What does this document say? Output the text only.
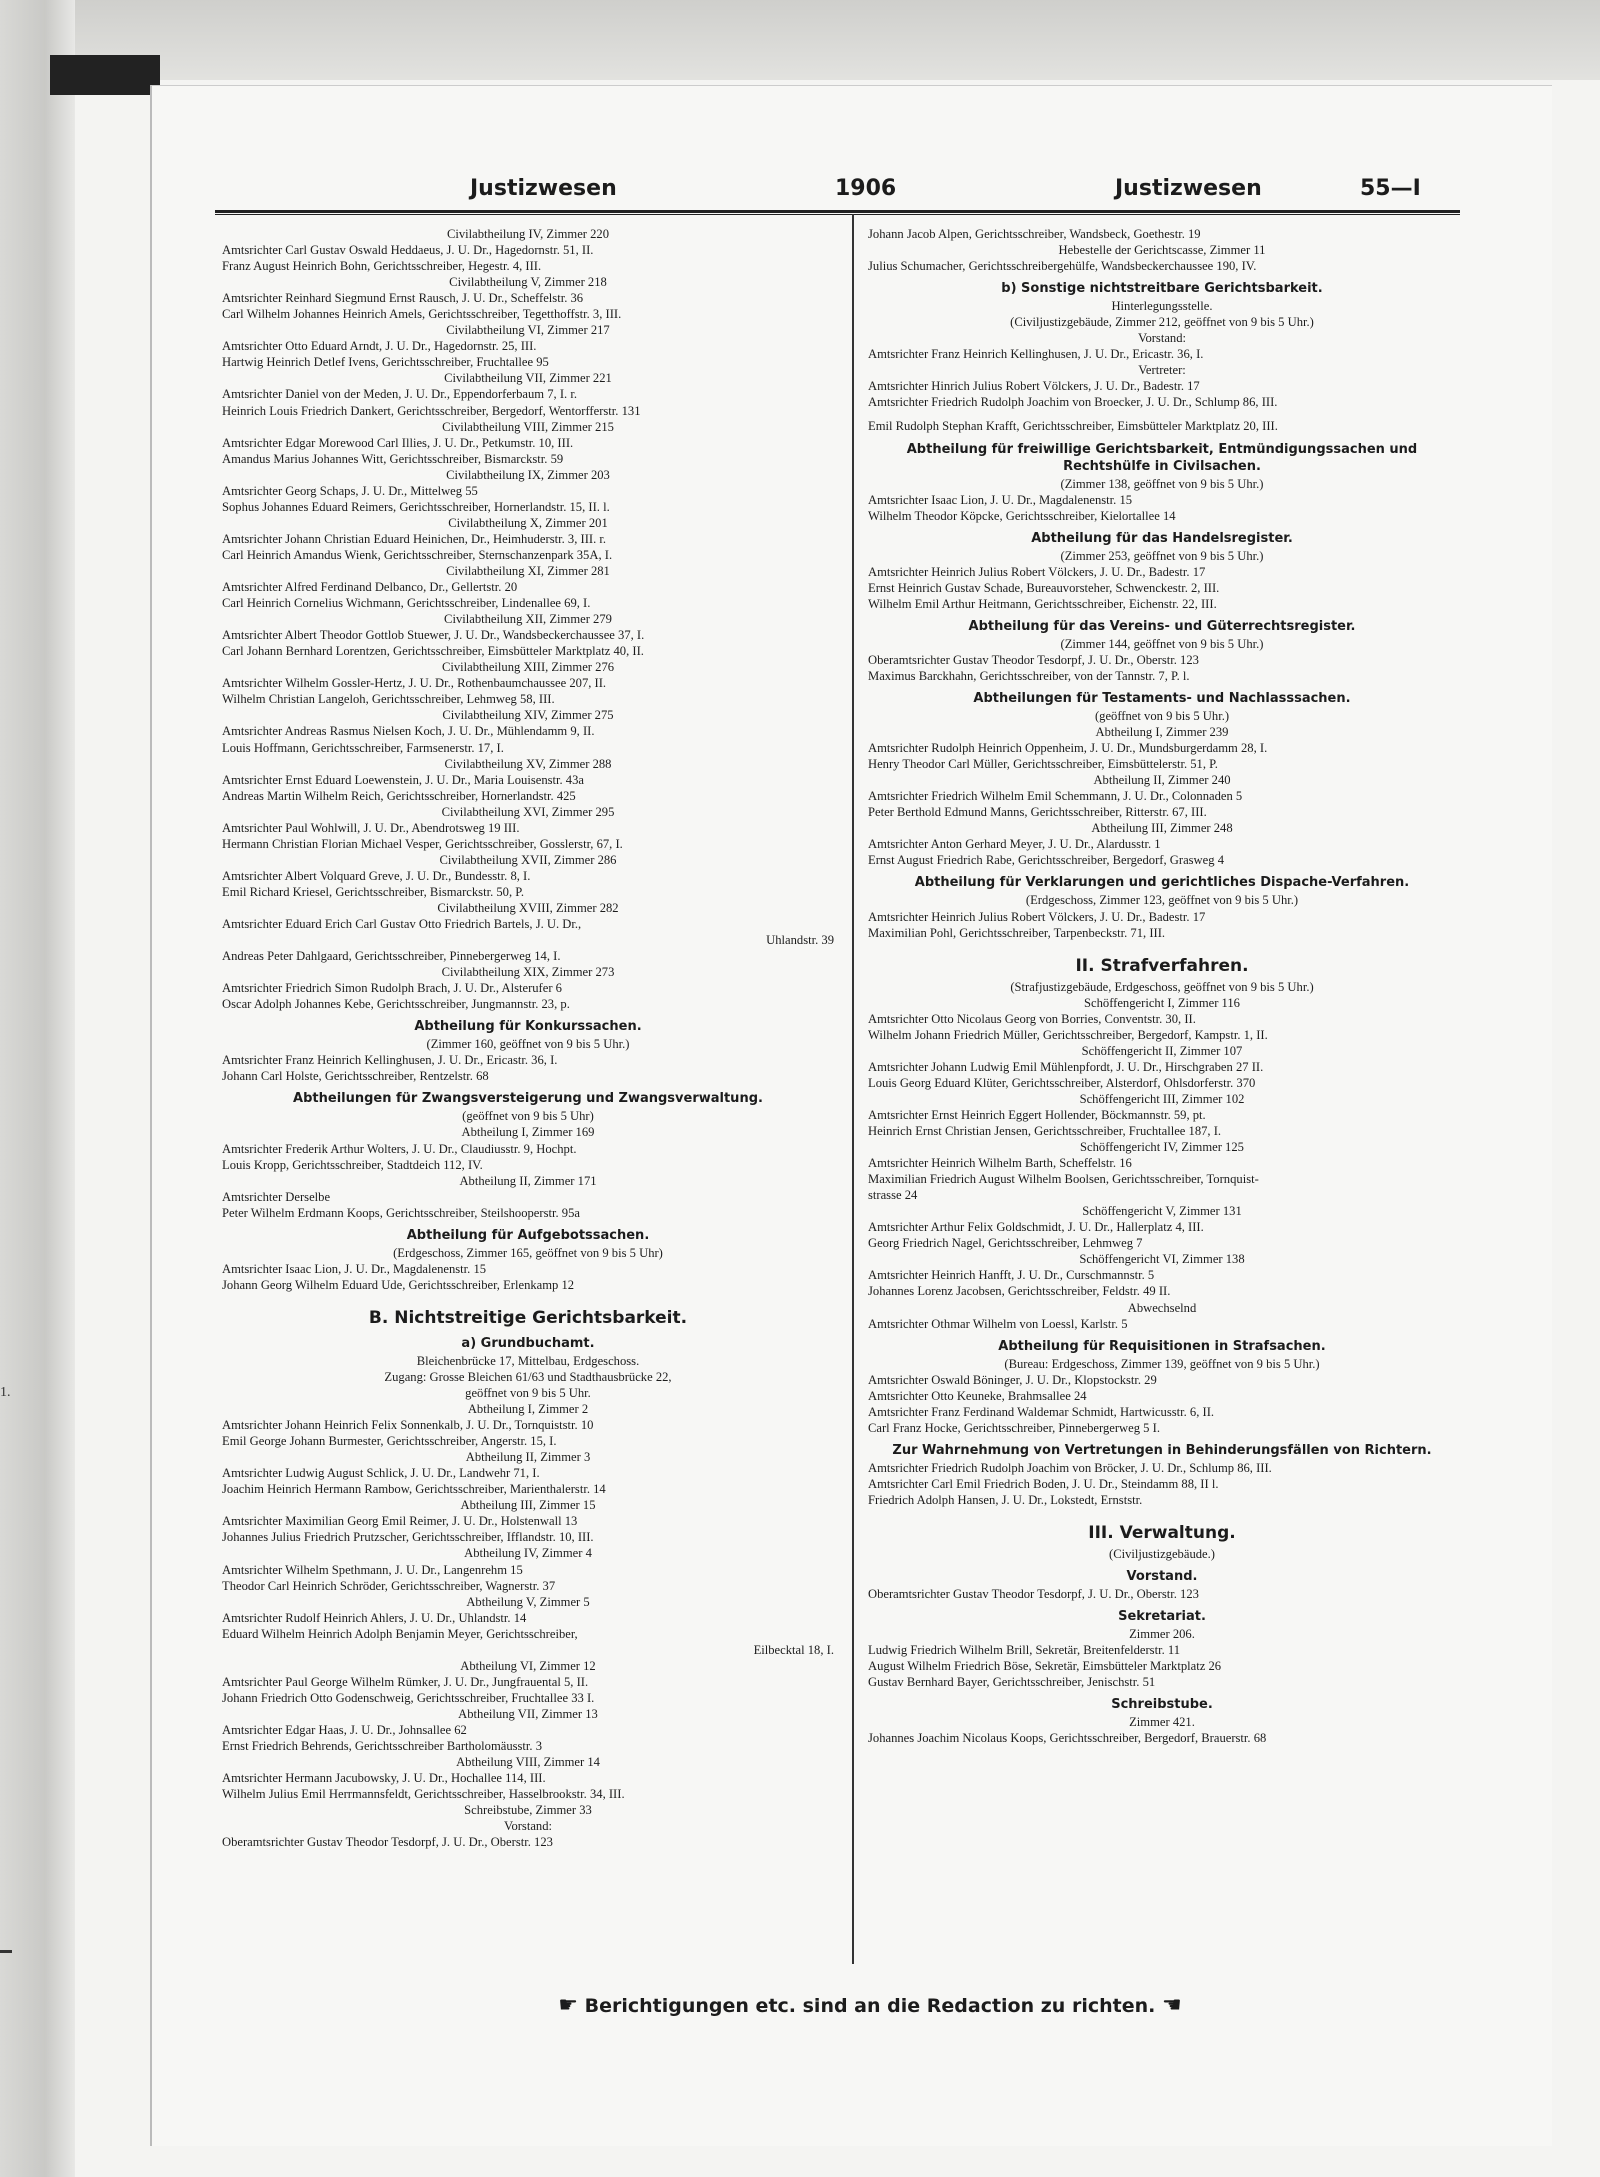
1.
Justizwesen	1906	Justizwesen	55—I
Civilabtheilung IV, Zimmer 220
Amtsrichter Carl Gustav Oswald Heddaeus, J. U. Dr., Hagedornstr. 51, II.
Franz August Heinrich Bohn, Gerichtsschreiber, Hegestr. 4, III.
Civilabtheilung V, Zimmer 218
Amtsrichter Reinhard Siegmund Ernst Rausch, J. U. Dr., Scheffelstr. 36
Carl Wilhelm Johannes Heinrich Amels, Gerichtsschreiber, Tegetthoffstr. 3, III.
Civilabtheilung VI, Zimmer 217
Amtsrichter Otto Eduard Arndt, J. U. Dr., Hagedornstr. 25, III.
Hartwig Heinrich Detlef Ivens, Gerichtsschreiber, Fruchtallee 95
Civilabtheilung VII, Zimmer 221
Amtsrichter Daniel von der Meden, J. U. Dr., Eppendorferbaum 7, I. r.
Heinrich Louis Friedrich Dankert, Gerichtsschreiber, Bergedorf, Wentorfferstr. 131
Civilabtheilung VIII, Zimmer 215
Amtsrichter Edgar Morewood Carl Illies, J. U. Dr., Petkumstr. 10, III.
Amandus Marius Johannes Witt, Gerichtsschreiber, Bismarckstr. 59
Civilabtheilung IX, Zimmer 203
Amtsrichter Georg Schaps, J. U. Dr., Mittelweg 55
Sophus Johannes Eduard Reimers, Gerichtsschreiber, Hornerlandstr. 15, II. l.
Civilabtheilung X, Zimmer 201
Amtsrichter Johann Christian Eduard Heinichen, Dr., Heimhuderstr. 3, III. r.
Carl Heinrich Amandus Wienk, Gerichtsschreiber, Sternschanzenpark 35A, I.
Civilabtheilung XI, Zimmer 281
Amtsrichter Alfred Ferdinand Delbanco, Dr., Gellertstr. 20
Carl Heinrich Cornelius Wichmann, Gerichtsschreiber, Lindenallee 69, I.
Civilabtheilung XII, Zimmer 279
Amtsrichter Albert Theodor Gottlob Stuewer, J. U. Dr., Wandsbeckerchaussee 37, I.
Carl Johann Bernhard Lorentzen, Gerichtsschreiber, Eimsbütteler Marktplatz 40, II.
Civilabtheilung XIII, Zimmer 276
Amtsrichter Wilhelm Gossler-Hertz, J. U. Dr., Rothenbaumchaussee 207, II.
Wilhelm Christian Langeloh, Gerichtsschreiber, Lehmweg 58, III.
Civilabtheilung XIV, Zimmer 275
Amtsrichter Andreas Rasmus Nielsen Koch, J. U. Dr., Mühlendamm 9, II.
Louis Hoffmann, Gerichtsschreiber, Farmsenerstr. 17, I.
Civilabtheilung XV, Zimmer 288
Amtsrichter Ernst Eduard Loewenstein, J. U. Dr., Maria Louisenstr. 43a
Andreas Martin Wilhelm Reich, Gerichtsschreiber, Hornerlandstr. 425
Civilabtheilung XVI, Zimmer 295
Amtsrichter Paul Wohlwill, J. U. Dr., Abendrotsweg 19 III.
Hermann Christian Florian Michael Vesper, Gerichtsschreiber, Gosslerstr, 67, I.
Civilabtheilung XVII, Zimmer 286
Amtsrichter Albert Volquard Greve, J. U. Dr., Bundesstr. 8, I.
Emil Richard Kriesel, Gerichtsschreiber, Bismarckstr. 50, P.
Civilabtheilung XVIII, Zimmer 282
Amtsrichter Eduard Erich Carl Gustav Otto Friedrich Bartels, J. U. Dr.,
Uhlandstr. 39
Andreas Peter Dahlgaard, Gerichtsschreiber, Pinnebergerweg 14, I.
Civilabtheilung XIX, Zimmer 273
Amtsrichter Friedrich Simon Rudolph Brach, J. U. Dr., Alsterufer 6
Oscar Adolph Johannes Kebe, Gerichtsschreiber, Jungmannstr. 23, p.
Abtheilung für Konkurssachen.
(Zimmer 160, geöffnet von 9 bis 5 Uhr.)
Amtsrichter Franz Heinrich Kellinghusen, J. U. Dr., Ericastr. 36, I.
Johann Carl Holste, Gerichtsschreiber, Rentzelstr. 68
Abtheilungen für Zwangsversteigerung und Zwangsverwaltung.
(geöffnet von 9 bis 5 Uhr)
Abtheilung I, Zimmer 169
Amtsrichter Frederik Arthur Wolters, J. U. Dr., Claudiusstr. 9, Hochpt.
Louis Kropp, Gerichtsschreiber, Stadtdeich 112, IV.
Abtheilung II, Zimmer 171
Amtsrichter Derselbe
Peter Wilhelm Erdmann Koops, Gerichtsschreiber, Steilshooperstr. 95a
Abtheilung für Aufgebotssachen.
(Erdgeschoss, Zimmer 165, geöffnet von 9 bis 5 Uhr)
Amtsrichter Isaac Lion, J. U. Dr., Magdalenenstr. 15
Johann Georg Wilhelm Eduard Ude, Gerichtsschreiber, Erlenkamp 12
B. Nichtstreitige Gerichtsbarkeit.
a) Grundbuchamt.
Bleichenbrücke 17, Mittelbau, Erdgeschoss.
Zugang: Grosse Bleichen 61/63 und Stadthausbrücke 22,
geöffnet von 9 bis 5 Uhr.
Abtheilung I, Zimmer 2
Amtsrichter Johann Heinrich Felix Sonnenkalb, J. U. Dr., Tornquiststr. 10
Emil George Johann Burmester, Gerichtsschreiber, Angerstr. 15, I.
Abtheilung II, Zimmer 3
Amtsrichter Ludwig August Schlick, J. U. Dr., Landwehr 71, I.
Joachim Heinrich Hermann Rambow, Gerichtsschreiber, Marienthalerstr. 14
Abtheilung III, Zimmer 15
Amtsrichter Maximilian Georg Emil Reimer, J. U. Dr., Holstenwall 13
Johannes Julius Friedrich Prutzscher, Gerichtsschreiber, Ifflandstr. 10, III.
Abtheilung IV, Zimmer 4
Amtsrichter Wilhelm Spethmann, J. U. Dr., Langenrehm 15
Theodor Carl Heinrich Schröder, Gerichtsschreiber, Wagnerstr. 37
Abtheilung V, Zimmer 5
Amtsrichter Rudolf Heinrich Ahlers, J. U. Dr., Uhlandstr. 14
Eduard Wilhelm Heinrich Adolph Benjamin Meyer, Gerichtsschreiber,
Eilbecktal 18, I.
Abtheilung VI, Zimmer 12
Amtsrichter Paul George Wilhelm Rümker, J. U. Dr., Jungfrauental 5, II.
Johann Friedrich Otto Godenschweig, Gerichtsschreiber, Fruchtallee 33 I.
Abtheilung VII, Zimmer 13
Amtsrichter Edgar Haas, J. U. Dr., Johnsallee 62
Ernst Friedrich Behrends, Gerichtsschreiber Bartholomäusstr. 3
Abtheilung VIII, Zimmer 14
Amtsrichter Hermann Jacubowsky, J. U. Dr., Hochallee 114, III.
Wilhelm Julius Emil Herrmannsfeldt, Gerichtsschreiber, Hasselbrookstr. 34, III.
Schreibstube, Zimmer 33
Vorstand:
Oberamtsrichter Gustav Theodor Tesdorpf, J. U. Dr., Oberstr. 123
Johann Jacob Alpen, Gerichtsschreiber, Wandsbeck, Goethestr. 19
Hebestelle der Gerichtscasse, Zimmer 11
Julius Schumacher, Gerichtsschreibergehülfe, Wandsbeckerchaussee 190, IV.
b) Sonstige nichtstreitbare Gerichtsbarkeit.
Hinterlegungsstelle.
(Civiljustizgebäude, Zimmer 212, geöffnet von 9 bis 5 Uhr.)
Vorstand:
Amtsrichter Franz Heinrich Kellinghusen, J. U. Dr., Ericastr. 36, I.
Vertreter:
Amtsrichter Hinrich Julius Robert Völckers, J. U. Dr., Badestr. 17
Amtsrichter Friedrich Rudolph Joachim von Broecker, J. U. Dr., Schlump 86, III.
Emil Rudolph Stephan Krafft, Gerichtsschreiber, Eimsbütteler Marktplatz 20, III.
Abtheilung für freiwillige Gerichtsbarkeit, Entmündigungssachen und Rechtshülfe in Civilsachen.
(Zimmer 138, geöffnet von 9 bis 5 Uhr.)
Amtsrichter Isaac Lion, J. U. Dr., Magdalenenstr. 15
Wilhelm Theodor Köpcke, Gerichtsschreiber, Kielortallee 14
Abtheilung für das Handelsregister.
(Zimmer 253, geöffnet von 9 bis 5 Uhr.)
Amtsrichter Heinrich Julius Robert Völckers, J. U. Dr., Badestr. 17
Ernst Heinrich Gustav Schade, Bureauvorsteher, Schwenckestr. 2, III.
Wilhelm Emil Arthur Heitmann, Gerichtsschreiber, Eichenstr. 22, III.
Abtheilung für das Vereins- und Güterrechtsregister.
(Zimmer 144, geöffnet von 9 bis 5 Uhr.)
Oberamtsrichter Gustav Theodor Tesdorpf, J. U. Dr., Oberstr. 123
Maximus Barckhahn, Gerichtsschreiber, von der Tannstr. 7, P. l.
Abtheilungen für Testaments- und Nachlasssachen.
(geöffnet von 9 bis 5 Uhr.)
Abtheilung I, Zimmer 239
Amtsrichter Rudolph Heinrich Oppenheim, J. U. Dr., Mundsburgerdamm 28, I.
Henry Theodor Carl Müller, Gerichtsschreiber, Eimsbüttelerstr. 51, P.
Abtheilung II, Zimmer 240
Amtsrichter Friedrich Wilhelm Emil Schemmann, J. U. Dr., Colonnaden 5
Peter Berthold Edmund Manns, Gerichtsschreiber, Ritterstr. 67, III.
Abtheilung III, Zimmer 248
Amtsrichter Anton Gerhard Meyer, J. U. Dr., Alardusstr. 1
Ernst August Friedrich Rabe, Gerichtsschreiber, Bergedorf, Grasweg 4
Abtheilung für Verklarungen und gerichtliches Dispache-Verfahren.
(Erdgeschoss, Zimmer 123, geöffnet von 9 bis 5 Uhr.)
Amtsrichter Heinrich Julius Robert Völckers, J. U. Dr., Badestr. 17
Maximilian Pohl, Gerichtsschreiber, Tarpenbeckstr. 71, III.
II. Strafverfahren.
(Strafjustizgebäude, Erdgeschoss, geöffnet von 9 bis 5 Uhr.)
Schöffengericht I, Zimmer 116
Amtsrichter Otto Nicolaus Georg von Borries, Conventstr. 30, II.
Wilhelm Johann Friedrich Müller, Gerichtsschreiber, Bergedorf, Kampstr. 1, II.
Schöffengericht II, Zimmer 107
Amtsrichter Johann Ludwig Emil Mühlenpfordt, J. U. Dr., Hirschgraben 27 II.
Louis Georg Eduard Klüter, Gerichtsschreiber, Alsterdorf, Ohlsdorferstr. 370
Schöffengericht III, Zimmer 102
Amtsrichter Ernst Heinrich Eggert Hollender, Böckmannstr. 59, pt.
Heinrich Ernst Christian Jensen, Gerichtsschreiber, Fruchtallee 187, I.
Schöffengericht IV, Zimmer 125
Amtsrichter Heinrich Wilhelm Barth, Scheffelstr. 16
Maximilian Friedrich August Wilhelm Boolsen, Gerichtsschreiber, Tornquist-
strasse 24
Schöffengericht V, Zimmer 131
Amtsrichter Arthur Felix Goldschmidt, J. U. Dr., Hallerplatz 4, III.
Georg Friedrich Nagel, Gerichtsschreiber, Lehmweg 7
Schöffengericht VI, Zimmer 138
Amtsrichter Heinrich Hanfft, J. U. Dr., Curschmannstr. 5
Johannes Lorenz Jacobsen, Gerichtsschreiber, Feldstr. 49 II.
Abwechselnd
Amtsrichter Othmar Wilhelm von Loessl, Karlstr. 5
Abtheilung für Requisitionen in Strafsachen.
(Bureau: Erdgeschoss, Zimmer 139, geöffnet von 9 bis 5 Uhr.)
Amtsrichter Oswald Böninger, J. U. Dr., Klopstockstr. 29
Amtsrichter Otto Keuneke, Brahmsallee 24
Amtsrichter Franz Ferdinand Waldemar Schmidt, Hartwicusstr. 6, II.
Carl Franz Hocke, Gerichtsschreiber, Pinnebergerweg 5 I.
Zur Wahrnehmung von Vertretungen in Behinderungsfällen von Richtern.
Amtsrichter Friedrich Rudolph Joachim von Bröcker, J. U. Dr., Schlump 86, III.
Amtsrichter Carl Emil Friedrich Boden, J. U. Dr., Steindamm 88, II l.
Friedrich Adolph Hansen, J. U. Dr., Lokstedt, Ernststr.
III. Verwaltung.
(Civiljustizgebäude.)
Vorstand.
Oberamtsrichter Gustav Theodor Tesdorpf, J. U. Dr., Oberstr. 123
Sekretariat.
Zimmer 206.
Ludwig Friedrich Wilhelm Brill, Sekretär, Breitenfelderstr. 11
August Wilhelm Friedrich Böse, Sekretär, Eimsbütteler Marktplatz 26
Gustav Bernhard Bayer, Gerichtsschreiber, Jenischstr. 51
Schreibstube.
Zimmer 421.
Johannes Joachim Nicolaus Koops, Gerichtsschreiber, Bergedorf, Brauerstr. 68
☛ Berichtigungen etc. sind an die Redaction zu richten. ☚
